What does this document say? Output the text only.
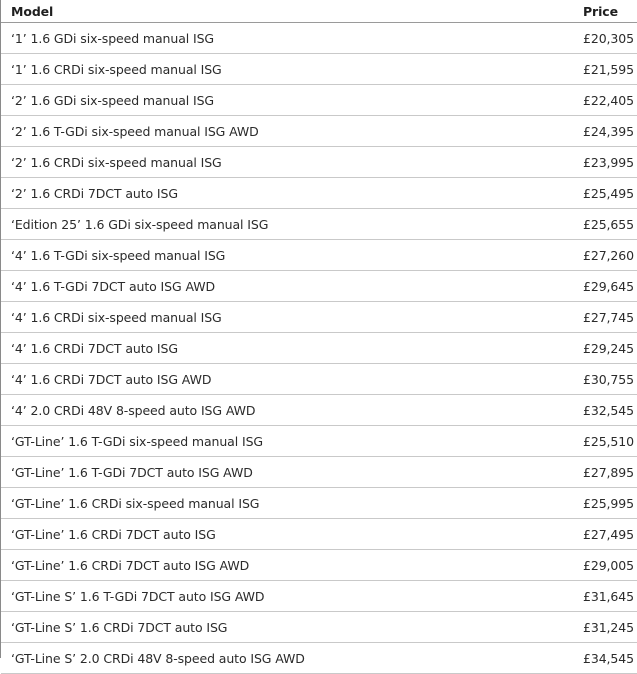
Model	Price
‘1’ 1.6 GDi six-speed manual ISG	£20,305
‘1’ 1.6 CRDi six-speed manual ISG	£21,595
‘2’ 1.6 GDi six-speed manual ISG	£22,405
‘2’ 1.6 T-GDi six-speed manual ISG AWD	£24,395
‘2’ 1.6 CRDi six-speed manual ISG	£23,995
‘2’ 1.6 CRDi 7DCT auto ISG	£25,495
‘Edition 25’ 1.6 GDi six-speed manual ISG	£25,655
‘4’ 1.6 T-GDi six-speed manual ISG	£27,260
‘4’ 1.6 T-GDi 7DCT auto ISG AWD	£29,645
‘4’ 1.6 CRDi six-speed manual ISG	£27,745
‘4’ 1.6 CRDi 7DCT auto ISG	£29,245
‘4’ 1.6 CRDi 7DCT auto ISG AWD	£30,755
‘4’ 2.0 CRDi 48V 8-speed auto ISG AWD	£32,545
‘GT-Line’ 1.6 T-GDi six-speed manual ISG	£25,510
‘GT-Line’ 1.6 T-GDi 7DCT auto ISG AWD	£27,895
‘GT-Line’ 1.6 CRDi six-speed manual ISG	£25,995
‘GT-Line’ 1.6 CRDi 7DCT auto ISG	£27,495
‘GT-Line’ 1.6 CRDi 7DCT auto ISG AWD	£29,005
‘GT-Line S’ 1.6 T-GDi 7DCT auto ISG AWD	£31,645
‘GT-Line S’ 1.6 CRDi 7DCT auto ISG	£31,245
‘GT-Line S’ 2.0 CRDi 48V 8-speed auto ISG AWD	£34,545
